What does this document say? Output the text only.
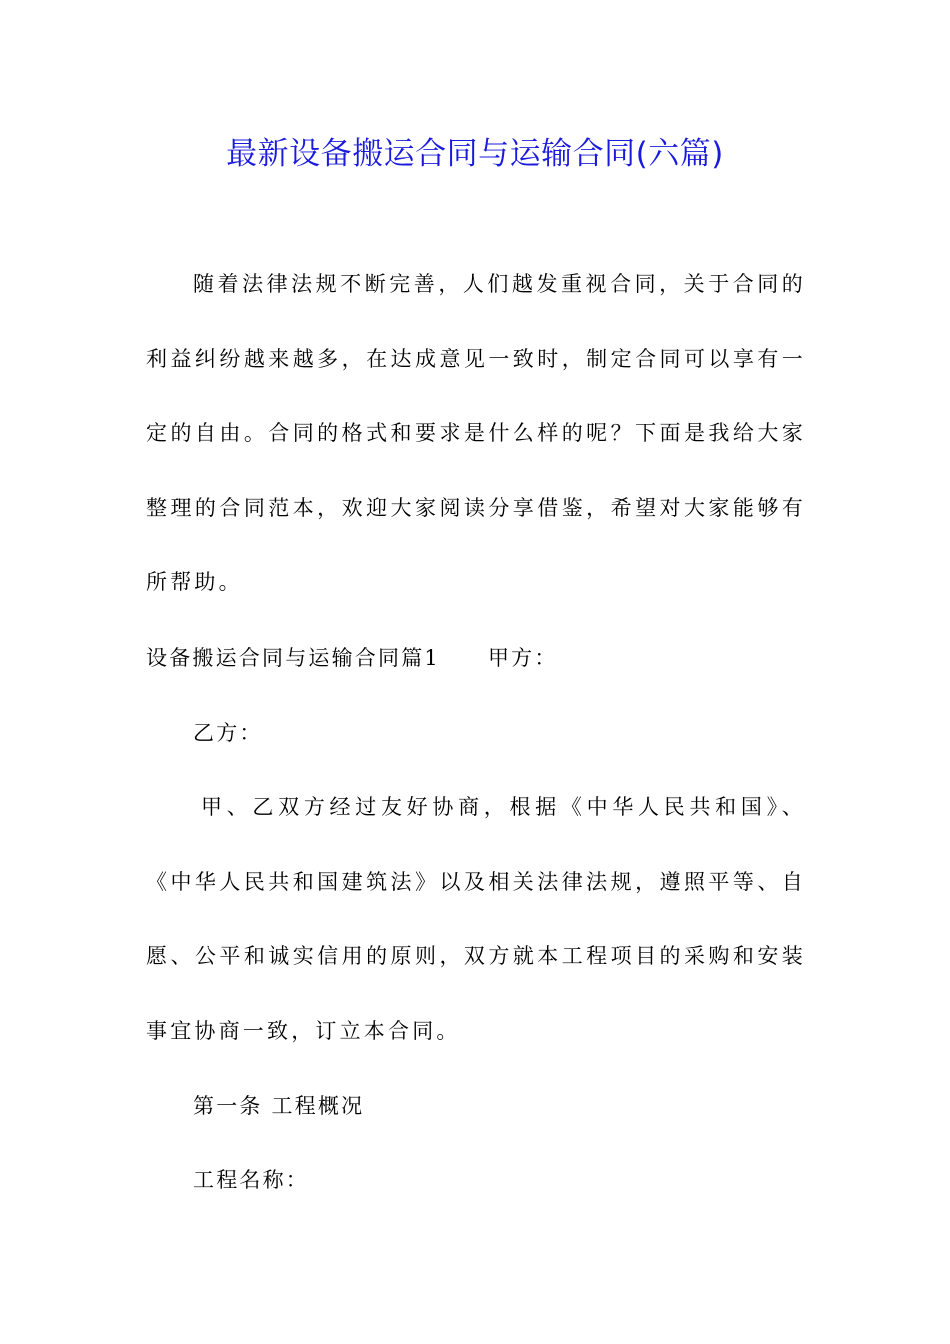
最新设备搬运合同与运输合同(六篇)

随着法律法规不断完善，人们越发重视合同，关于合同的利益纠纷越来越多，在达成意见一致时，制定合同可以享有一定的自由。合同的格式和要求是什么样的呢？下面是我给大家整理的合同范本，欢迎大家阅读分享借鉴，希望对大家能够有所帮助。

设备搬运合同与运输合同篇1 甲方：
乙方：

甲、乙双方经过友好协商，根据《中华人民共和国》、《中华人民共和国建筑法》以及相关法律法规，遵照平等、自愿、公平和诚实信用的原则，双方就本工程项目的采购和安装事宜协商一致，订立本合同。

第一条 工程概况
工程名称：
